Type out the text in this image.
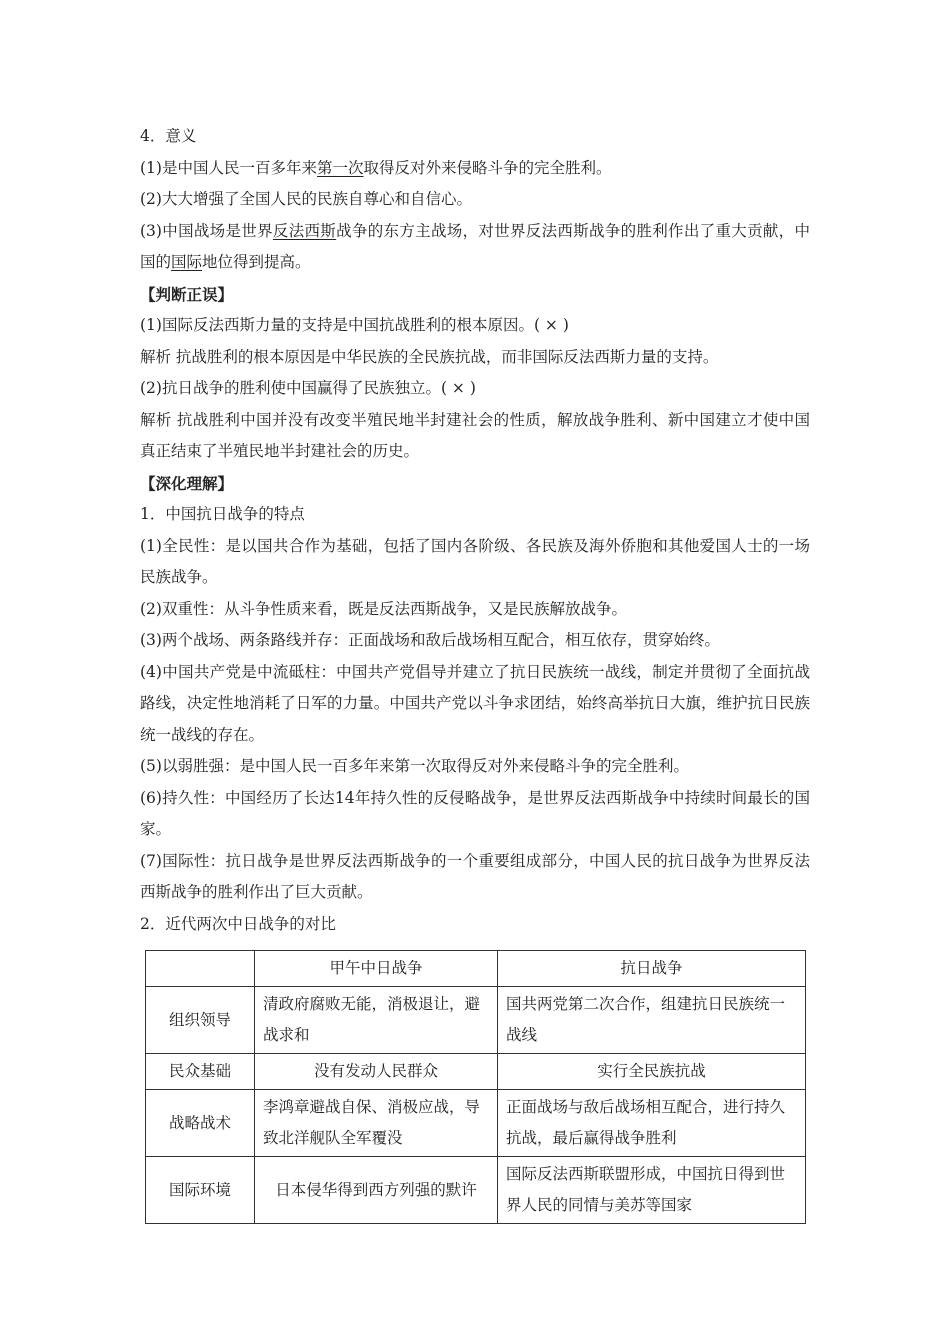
4．意义
(1)是中国人民一百多年来第一次取得反对外来侵略斗争的完全胜利。
(2)大大增强了全国人民的民族自尊心和自信心。
(3)中国战场是世界反法西斯战争的东方主战场，对世界反法西斯战争的胜利作出了重大贡献，中国的国际地位得到提高。
【判断正误】
(1)国际反法西斯力量的支持是中国抗战胜利的根本原因。( × )
解析 抗战胜利的根本原因是中华民族的全民族抗战，而非国际反法西斯力量的支持。
(2)抗日战争的胜利使中国赢得了民族独立。( × )
解析 抗战胜利中国并没有改变半殖民地半封建社会的性质，解放战争胜利、新中国建立才使中国真正结束了半殖民地半封建社会的历史。
【深化理解】
1．中国抗日战争的特点
(1)全民性：是以国共合作为基础，包括了国内各阶级、各民族及海外侨胞和其他爱国人士的一场民族战争。
(2)双重性：从斗争性质来看，既是反法西斯战争，又是民族解放战争。
(3)两个战场、两条路线并存：正面战场和敌后战场相互配合，相互依存，贯穿始终。
(4)中国共产党是中流砥柱：中国共产党倡导并建立了抗日民族统一战线，制定并贯彻了全面抗战路线，决定性地消耗了日军的力量。中国共产党以斗争求团结，始终高举抗日大旗，维护抗日民族统一战线的存在。
(5)以弱胜强：是中国人民一百多年来第一次取得反对外来侵略斗争的完全胜利。
(6)持久性：中国经历了长达14年持久性的反侵略战争，是世界反法西斯战争中持续时间最长的国家。
(7)国际性：抗日战争是世界反法西斯战争的一个重要组成部分，中国人民的抗日战争为世界反法西斯战争的胜利作出了巨大贡献。
2．近代两次中日战争的对比
	甲午中日战争	抗日战争
组织领导	清政府腐败无能，消极退让，避战求和	国共两党第二次合作，组建抗日民族统一战线
民众基础	没有发动人民群众	实行全民族抗战
战略战术	李鸿章避战自保、消极应战，导致北洋舰队全军覆没	正面战场与敌后战场相互配合，进行持久抗战，最后赢得战争胜利
国际环境	日本侵华得到西方列强的默许	国际反法西斯联盟形成，中国抗日得到世界人民的同情与美苏等国家
